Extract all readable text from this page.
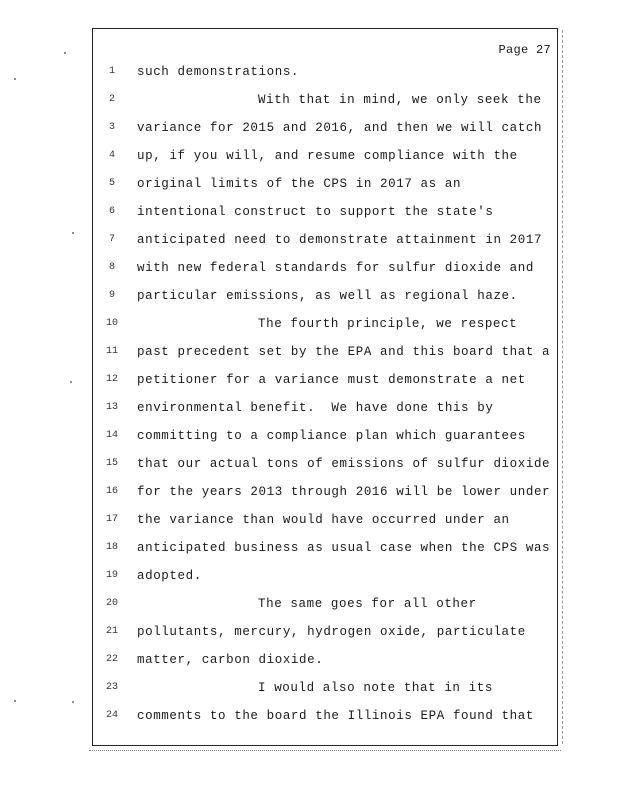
Page 27
1	such demonstrations.
2	With that in mind, we only seek the
3	variance for 2015 and 2016, and then we will catch
4	up, if you will, and resume compliance with the
5	original limits of the CPS in 2017 as an
6	intentional construct to support the state's
7	anticipated need to demonstrate attainment in 2017
8	with new federal standards for sulfur dioxide and
9	particular emissions, as well as regional haze.
10	The fourth principle, we respect
11	past precedent set by the EPA and this board that a
12	petitioner for a variance must demonstrate a net
13	environmental benefit.  We have done this by
14	committing to a compliance plan which guarantees
15	that our actual tons of emissions of sulfur dioxide
16	for the years 2013 through 2016 will be lower under
17	the variance than would have occurred under an
18	anticipated business as usual case when the CPS was
19	adopted.
20	The same goes for all other
21	pollutants, mercury, hydrogen oxide, particulate
22	matter, carbon dioxide.
23	I would also note that in its
24	comments to the board the Illinois EPA found that
